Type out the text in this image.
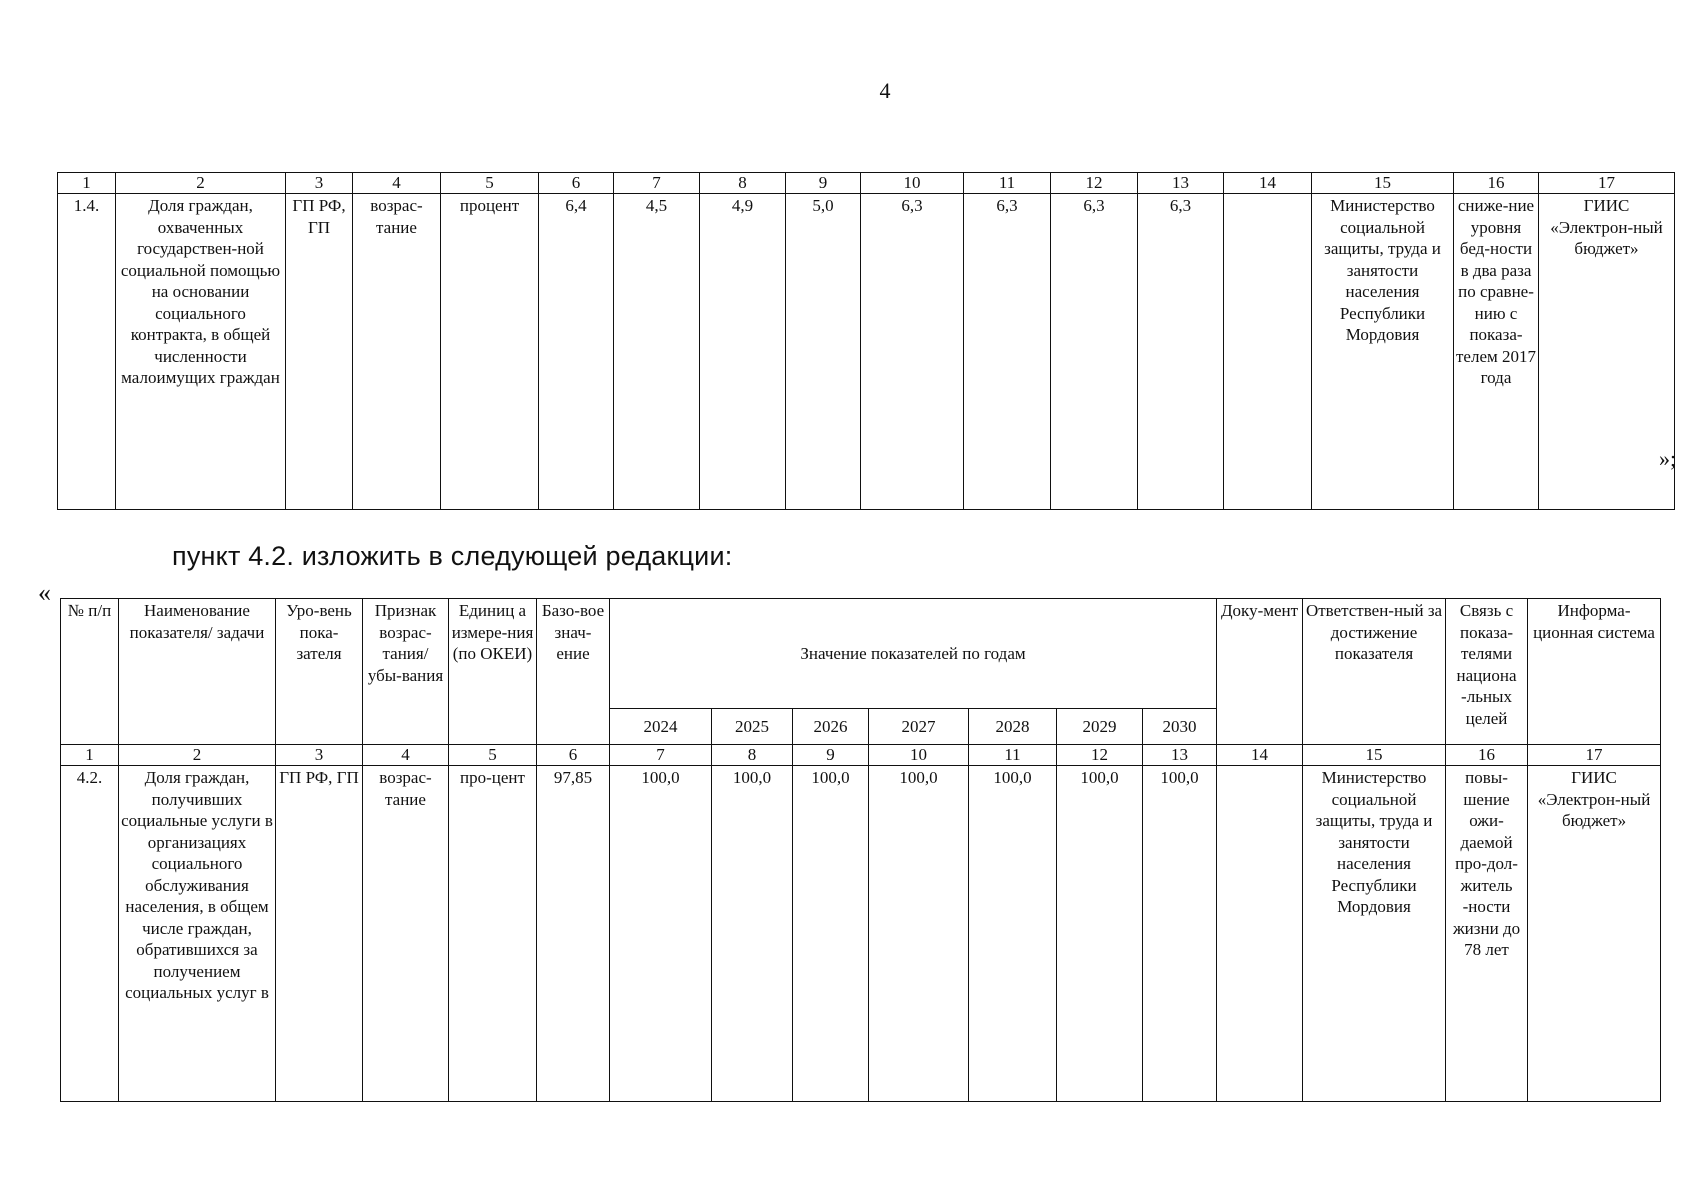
4
1	2	3	4	5	6	7	8	9	10	11	12	13	14	15	16	17
1.4.	Доля граждан, охваченных государствен-ной социальной помощью на основании социального контракта, в общей численности малоимущих граждан	ГП РФ, ГП	возрас-тание	процент	6,4	4,5	4,9	5,0	6,3	6,3	6,3	6,3		Министерство социальной защиты, труда и занятости населения Республики Мордовия	сниже-ние уровня бед-ности в два раза по сравне-нию с показа-телем 2017 года	ГИИС «Электрон-ный бюджет»
»;
пункт 4.2. изложить в следующей редакции:
«
№ п/п	Наименование показателя/ задачи	Уро-вень пока-зателя	Признак возрас-тания/ убы-вания	Единиц а измере-ния (по ОКЕИ)	Базо-вое знач-ение	Значение показателей по годам							Доку-мент	Ответствен-ный за достижение показателя	Связь с показа-телями национа -льных целей	Информа-ционная система
						2024	2025	2026	2027	2028	2029	2030				
1	2	3	4	5	6	7	8	9	10	11	12	13	14	15	16	17
4.2.	Доля граждан, получивших социальные услуги в организациях социального обслуживания населения, в общем числе граждан, обратившихся за получением социальных услуг в	ГП РФ, ГП	возрас-тание	про-цент	97,85	100,0	100,0	100,0	100,0	100,0	100,0	100,0		Министерство социальной защиты, труда и занятости населения Республики Мордовия	повы-шение ожи-даемой про-дол-житель -ности жизни до 78 лет	ГИИС «Электрон-ный бюджет»
